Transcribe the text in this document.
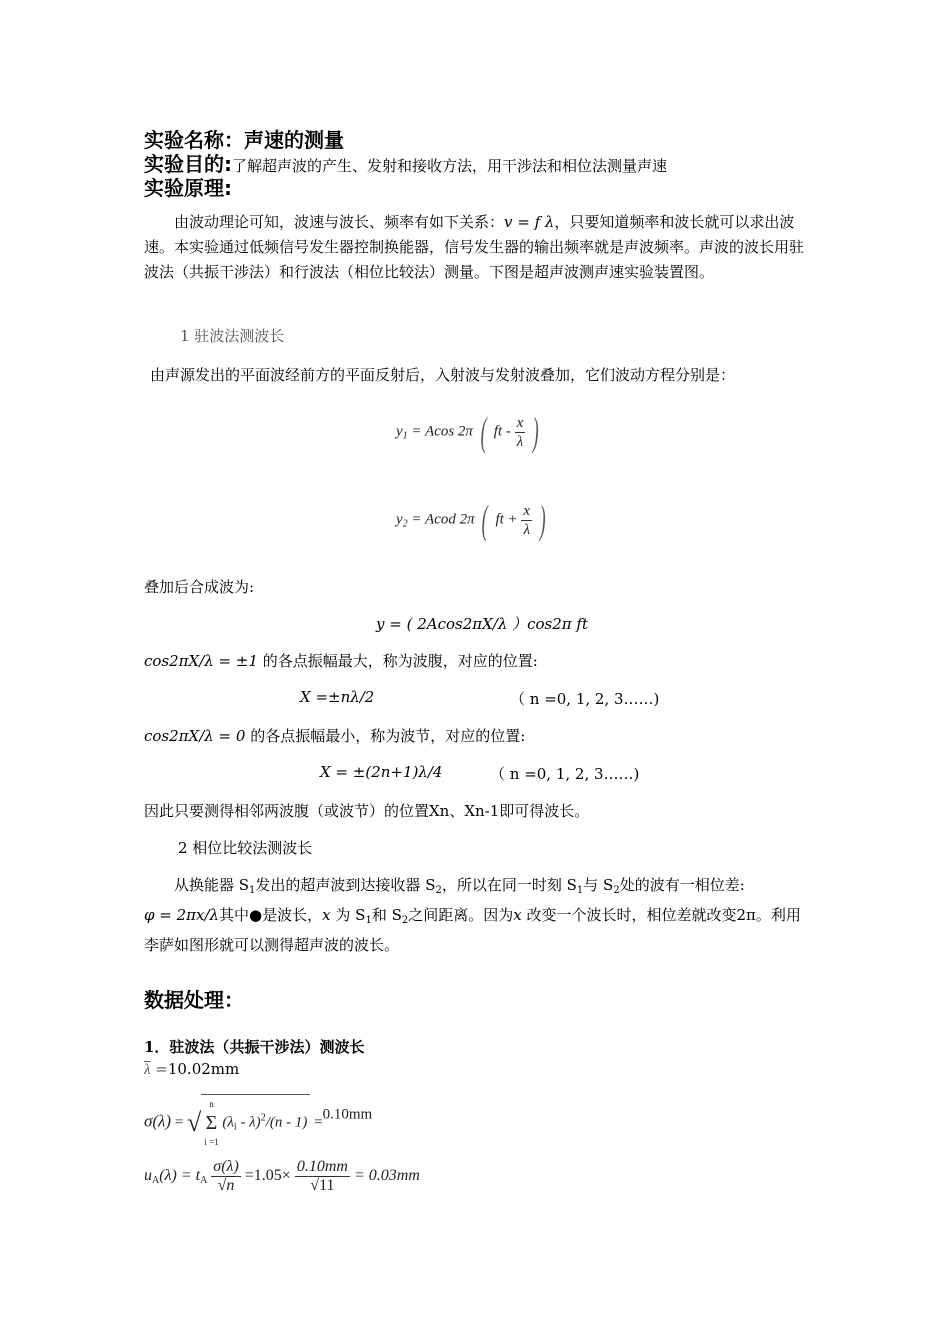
实验名称：声速的测量
实验目的:了解超声波的产生、发射和接收方法，用干涉法和相位法测量声速
实验原理:
由波动理论可知，波速与波长、频率有如下关系：v = f λ，只要知道频率和波长就可以求出波速。本实验通过低频信号发生器控制换能器，信号发生器的输出频率就是声波频率。声波的波长用驻波法（共振干涉法）和行波法（相位比较法）测量。下图是超声波测声速实验装置图。
1 驻波法测波长
由声源发出的平面波经前方的平面反射后，入射波与发射波叠加，它们波动方程分别是：
$y_1 = Acos$ 2π ( ft - $\frac{x}{\lambda}$ )
$y_2$ = Acod 2π ( ft + $\frac{x}{\lambda}$ )
叠加后合成波为:
y = ( 2Acos2πX/λ ）cos2π ft
cos2πX/λ = ±1 的各点振幅最大，称为波腹，对应的位置:
X =±nλ/2	（ n =0, 1, 2, 3……)
cos2πX/λ = 0 的各点振幅最小，称为波节，对应的位置:
X = ±(2n+1)λ/4	（ n =0, 1, 2, 3……)
因此只要测得相邻两波腹（或波节）的位置Xn、Xn-1即可得波长。
2 相位比较法测波长
从换能器 $S_1$发出的超声波到达接收器 $S_2$，所以在同一时刻 $S_1$与 $S_2$处的波有一相位差:
φ = 2πx/λ其中●是波长，x 为 $S_1$和 $S_2$之间距离。因为x 改变一个波长时，相位差就改变2π。利用李萨如图形就可以测得超声波的波长。
数据处理：
1．驻波法（共振干涉法）测波长
$\overline{\lambda} =10.02mm$
σ(λ) = √
n
Σ
i =1
$(\lambda_i - \lambda)^2/(n - 1) =0.10mm$
$u_A(\lambda) = t_A \frac{\sigma(\lambda)}{√n} =1.05\times \frac{0.10mm}{√11} = 0.03mm$
